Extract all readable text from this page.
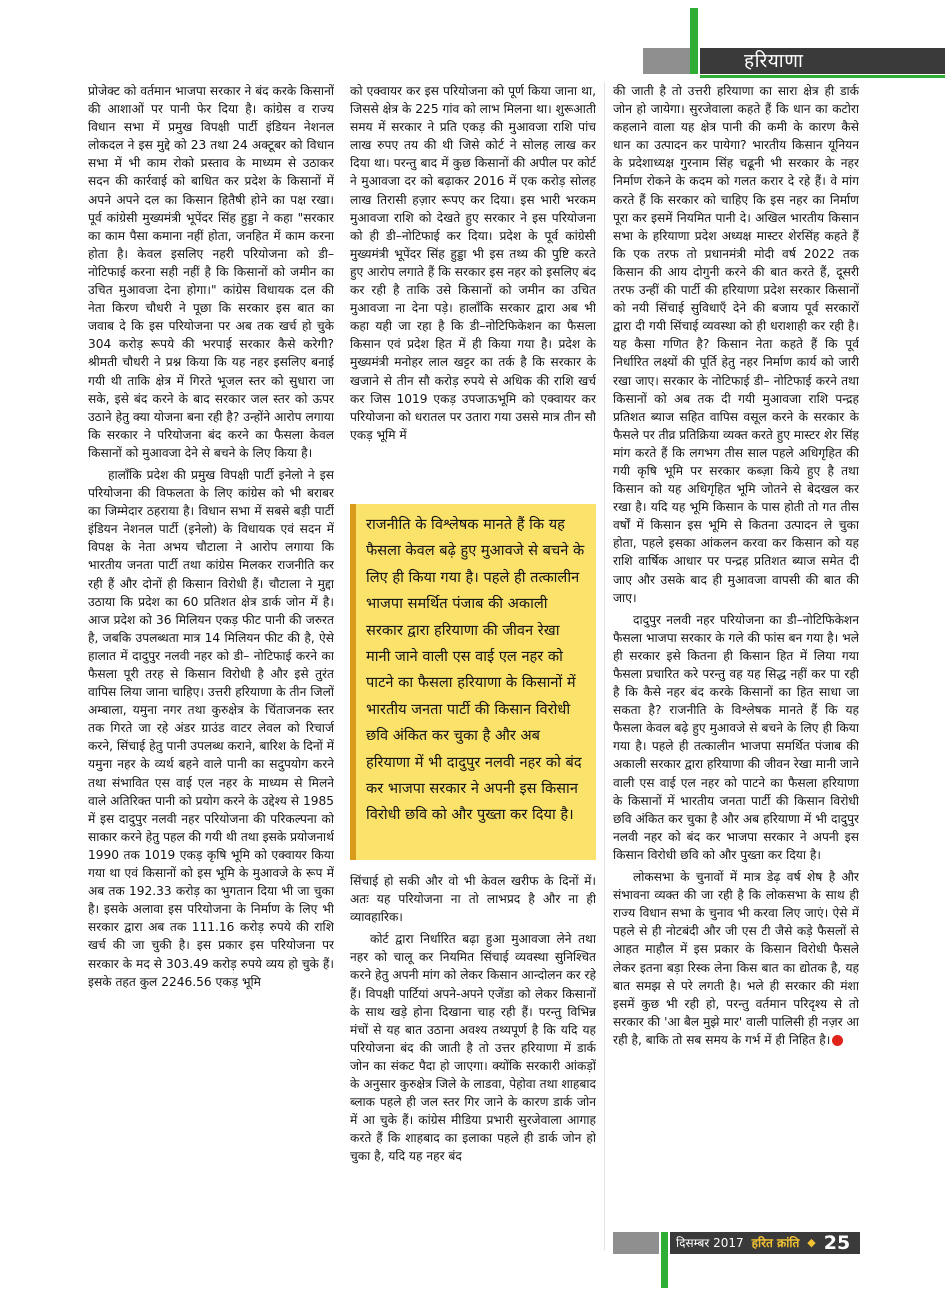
हरियाणा

प्रोजेक्ट को वर्तमान भाजपा सरकार ने बंद करके किसानों की आशाओं पर पानी फेर दिया है। कांग्रेस व राज्य विधान सभा में प्रमुख विपक्षी पार्टी इंडियन नेशनल लोकदल ने इस मुद्दे को 23 तथा 24 अक्टूबर को विधान सभा में भी काम रोको प्रस्ताव के माध्यम से उठाकर सदन की कार्रवाई को बाधित कर प्रदेश के किसानों में अपने अपने दल का किसान हितैषी होने का पक्ष रखा। पूर्व कांग्रेसी मुख्यमंत्री भूपेंदर सिंह हुड्डा ने कहा "सरकार का काम पैसा कमाना नहीं होता, जनहित में काम करना होता है। केवल इसलिए नहरी परियोजना को डी–नोटिफाई करना सही नहीं है कि किसानों को जमीन का उचित मुआवजा देना होगा।" कांग्रेस विधायक दल की नेता किरण चौधरी ने पूछा कि सरकार इस बात का जवाब दे कि इस परियोजना पर अब तक खर्च हो चुके 304 करोड़ रूपये की भरपाई सरकार कैसे करेगी? श्रीमती चौधरी ने प्रश्न किया कि यह नहर इसलिए बनाई गयी थी ताकि क्षेत्र में गिरते भूजल स्तर को सुधारा जा सके, इसे बंद करने के बाद सरकार जल स्तर को ऊपर उठाने हेतु क्या योजना बना रही है? उन्होंने आरोप लगाया कि सरकार ने परियोजना बंद करने का फैसला केवल किसानों को मुआवजा देने से बचने के लिए किया है।

हालाँकि प्रदेश की प्रमुख विपक्षी पार्टी इनेलो ने इस परियोजना की विफलता के लिए कांग्रेस को भी बराबर का जिम्मेदार ठहराया है। विधान सभा में सबसे बड़ी पार्टी इंडियन नेशनल पार्टी (इनेलो) के विधायक एवं सदन में विपक्ष के नेता अभय चौटाला ने आरोप लगाया कि भारतीय जनता पार्टी तथा कांग्रेस मिलकर राजनीति कर रही हैं और दोनों ही किसान विरोधी हैं। चौटाला ने मुद्दा उठाया कि प्रदेश का 60 प्रतिशत क्षेत्र डार्क जोन में है। आज प्रदेश को 36 मिलियन एकड़ फीट पानी की जरुरत है, जबकि उपलब्धता मात्र 14 मिलियन फीट की है, ऐसे हालात में दादुपुर नलवी नहर को डी– नोटिफाई करने का फैसला पूरी तरह से किसान विरोधी है और इसे तुरंत वापिस लिया जाना चाहिए। उत्तरी हरियाणा के तीन जिलों अम्बाला, यमुना नगर तथा कुरुक्षेत्र के चिंताजनक स्तर तक गिरते जा रहे अंडर ग्राउंड वाटर लेवल को रिचार्ज करने, सिंचाई हेतु पानी उपलब्ध कराने, बारिश के दिनों में यमुना नहर के व्यर्थ बहने वाले पानी का सदुपयोग करने तथा संभावित एस वाई एल नहर के माध्यम से मिलने वाले अतिरिक्त पानी को प्रयोग करने के उद्देश्य से 1985 में इस दादुपुर नलवी नहर परियोजना की परिकल्पना को साकार करने हेतु पहल की गयी थी तथा इसके प्रयोजनार्थ 1990 तक 1019 एकड़ कृषि भूमि को एक्वायर किया गया था एवं किसानों को इस भूमि के मुआवजे के रूप में अब तक 192.33 करोड़ का भुगतान दिया भी जा चुका है। इसके अलावा इस परियोजना के निर्माण के लिए भी सरकार द्वारा अब तक 111.16 करोड़ रुपये की राशि खर्च की जा चुकी है। इस प्रकार इस परियोजना पर सरकार के मद से 303.49 करोड़ रुपये व्यय हो चुके हैं। इसके तहत कुल 2246.56 एकड़ भूमि

को एक्वायर कर इस परियोजना को पूर्ण किया जाना था, जिससे क्षेत्र के 225 गांव को लाभ मिलना था। शुरूआती समय में सरकार ने प्रति एकड़ की मुआवजा राशि पांच लाख रुपए तय की थी जिसे कोर्ट ने सोलह लाख कर दिया था। परन्तु बाद में कुछ किसानों की अपील पर कोर्ट ने मुआवजा दर को बढ़ाकर 2016 में एक करोड़ सोलह लाख तिरासी हज़ार रूपए कर दिया। इस भारी भरकम मुआवजा राशि को देखते हुए सरकार ने इस परियोजना को ही डी–नोटिफाई कर दिया। प्रदेश के पूर्व कांग्रेसी मुख्यमंत्री भूपेंदर सिंह हुड्डा भी इस तथ्य की पुष्टि करते हुए आरोप लगाते हैं कि सरकार इस नहर को इसलिए बंद कर रही है ताकि उसे किसानों को जमीन का उचित मुआवजा ना देना पड़े। हालाँकि सरकार द्वारा अब भी कहा यही जा रहा है कि डी–नोटिफिकेशन का फैसला किसान एवं प्रदेश हित में ही किया गया है। प्रदेश के मुख्यमंत्री मनोहर लाल खट्टर का तर्क है कि सरकार के खजाने से तीन सौ करोड़ रुपये से अधिक की राशि खर्च कर जिस 1019 एकड़ उपजाऊभूमि को एक्वायर कर परियोजना को धरातल पर उतारा गया उससे मात्र तीन सौ एकड़ भूमि में

सिंचाई हो सकी और वो भी केवल खरीफ के दिनों में। अतः यह परियोजना ना तो लाभप्रद है और ना ही व्यावहारिक।

कोर्ट द्वारा निर्धारित बढ़ा हुआ मुआवजा लेने तथा नहर को चालू कर नियमित सिंचाई व्यवस्था सुनिश्चित करने हेतु अपनी मांग को लेकर किसान आन्दोलन कर रहे हैं। विपक्षी पार्टियां अपने-अपने एजेंडा को लेकर किसानों के साथ खड़े होना दिखाना चाह रही हैं। परन्तु विभिन्न मंचों से यह बात उठाना अवश्य तथ्यपूर्ण है कि यदि यह परियोजना बंद की जाती है तो उत्तर हरियाणा में डार्क जोन का संकट पैदा हो जाएगा। क्योंकि सरकारी आंकड़ों के अनुसार कुरुक्षेत्र जिले के लाडवा, पेहोवा तथा शाहबाद ब्लाक पहले ही जल स्तर गिर जाने के कारण डार्क जोन में आ चुके हैं। कांग्रेस मीडिया प्रभारी सुरजेवाला आगाह करते हैं कि शाहबाद का इलाका पहले ही डार्क जोन हो चुका है, यदि यह नहर बंद

राजनीति के विश्लेषक मानते हैं कि यह फैसला केवल बढ़े हुए मुआवजे से बचने के लिए ही किया गया है। पहले ही तत्कालीन भाजपा समर्थित पंजाब की अकाली सरकार द्वारा हरियाणा की जीवन रेखा मानी जाने वाली एस वाई एल नहर को पाटने का फैसला हरियाणा के किसानों में भारतीय जनता पार्टी की किसान विरोधी छवि अंकित कर चुका है और अब हरियाणा में भी दादुपुर नलवी नहर को बंद कर भाजपा सरकार ने अपनी इस किसान विरोधी छवि को और पुख्ता कर दिया है।

की जाती है तो उत्तरी हरियाणा का सारा क्षेत्र ही डार्क जोन हो जायेगा। सुरजेवाला कहते हैं कि धान का कटोरा कहलाने वाला यह क्षेत्र पानी की कमी के कारण कैसे धान का उत्पादन कर पायेगा? भारतीय किसान यूनियन के प्रदेशाध्यक्ष गुरनाम सिंह चढूनी भी सरकार के नहर निर्माण रोकने के कदम को गलत करार दे रहे हैं। वे मांग करते हैं कि सरकार को चाहिए कि इस नहर का निर्माण पूरा कर इसमें नियमित पानी दे। अखिल भारतीय किसान सभा के हरियाणा प्रदेश अध्यक्ष मास्टर शेरसिंह कहते हैं कि एक तरफ तो प्रधानमंत्री मोदी वर्ष 2022 तक किसान की आय दोगुनी करने की बात करते हैं, दूसरी तरफ उन्हीं की पार्टी की हरियाणा प्रदेश सरकार किसानों को नयी सिंचाई सुविधाएँ देने की बजाय पूर्व सरकारों द्वारा दी गयी सिंचाई व्यवस्था को ही धराशाही कर रही है। यह कैसा गणित है? किसान नेता कहते हैं कि पूर्व निर्धारित लक्ष्यों की पूर्ति हेतु नहर निर्माण कार्य को जारी रखा जाए। सरकार के नोटिफाई डी– नोटिफाई करने तथा किसानों को अब तक दी गयी मुआवजा राशि पन्द्रह प्रतिशत ब्याज सहित वापिस वसूल करने के सरकार के फैसले पर तीव्र प्रतिक्रिया व्यक्त करते हुए मास्टर शेर सिंह मांग करते हैं कि लगभग तीस साल पहले अधिगृहित की गयी कृषि भूमि पर सरकार कब्ज़ा किये हुए है तथा किसान को यह अधिगृहित भूमि जोतने से बेदखल कर रखा है। यदि यह भूमि किसान के पास होती तो गत तीस वर्षों में किसान इस भूमि से कितना उत्पादन ले चुका होता, पहले इसका आंकलन करवा कर किसान को यह राशि वार्षिक आधार पर पन्द्रह प्रतिशत ब्याज समेत दी जाए और उसके बाद ही मुआवजा वापसी की बात की जाए।

दादुपुर नलवी नहर परियोजना का डी–नोटिफिकेशन फैसला भाजपा सरकार के गले की फांस बन गया है। भले ही सरकार इसे कितना ही किसान हित में लिया गया फैसला प्रचारित करे परन्तु वह यह सिद्ध नहीं कर पा रही है कि कैसे नहर बंद करके किसानों का हित साधा जा सकता है? राजनीति के विश्लेषक मानते हैं कि यह फैसला केवल बढ़े हुए मुआवजे से बचने के लिए ही किया गया है। पहले ही तत्कालीन भाजपा समर्थित पंजाब की अकाली सरकार द्वारा हरियाणा की जीवन रेखा मानी जाने वाली एस वाई एल नहर को पाटने का फैसला हरियाणा के किसानों में भारतीय जनता पार्टी की किसान विरोधी छवि अंकित कर चुका है और अब हरियाणा में भी दादुपुर नलवी नहर को बंद कर भाजपा सरकार ने अपनी इस किसान विरोधी छवि को और पुख्ता कर दिया है।

लोकसभा के चुनावों में मात्र डेढ़ वर्ष शेष है और संभावना व्यक्त की जा रही है कि लोकसभा के साथ ही राज्य विधान सभा के चुनाव भी करवा लिए जाएं। ऐसे में पहले से ही नोटबंदी और जी एस टी जैसे कड़े फैसलों से आहत माहौल में इस प्रकार के किसान विरोधी फैसले लेकर इतना बड़ा रिस्क लेना किस बात का द्योतक है, यह बात समझ से परे लगती है। भले ही सरकार की मंशा इसमें कुछ भी रही हो, परन्तु वर्तमान परिदृश्य से तो सरकार की 'आ बैल मुझे मार' वाली पालिसी ही नज़र आ रही है, बाकि तो सब समय के गर्भ में ही निहित है।

दिसम्बर 2017 हरित क्रांति ◆ 25
